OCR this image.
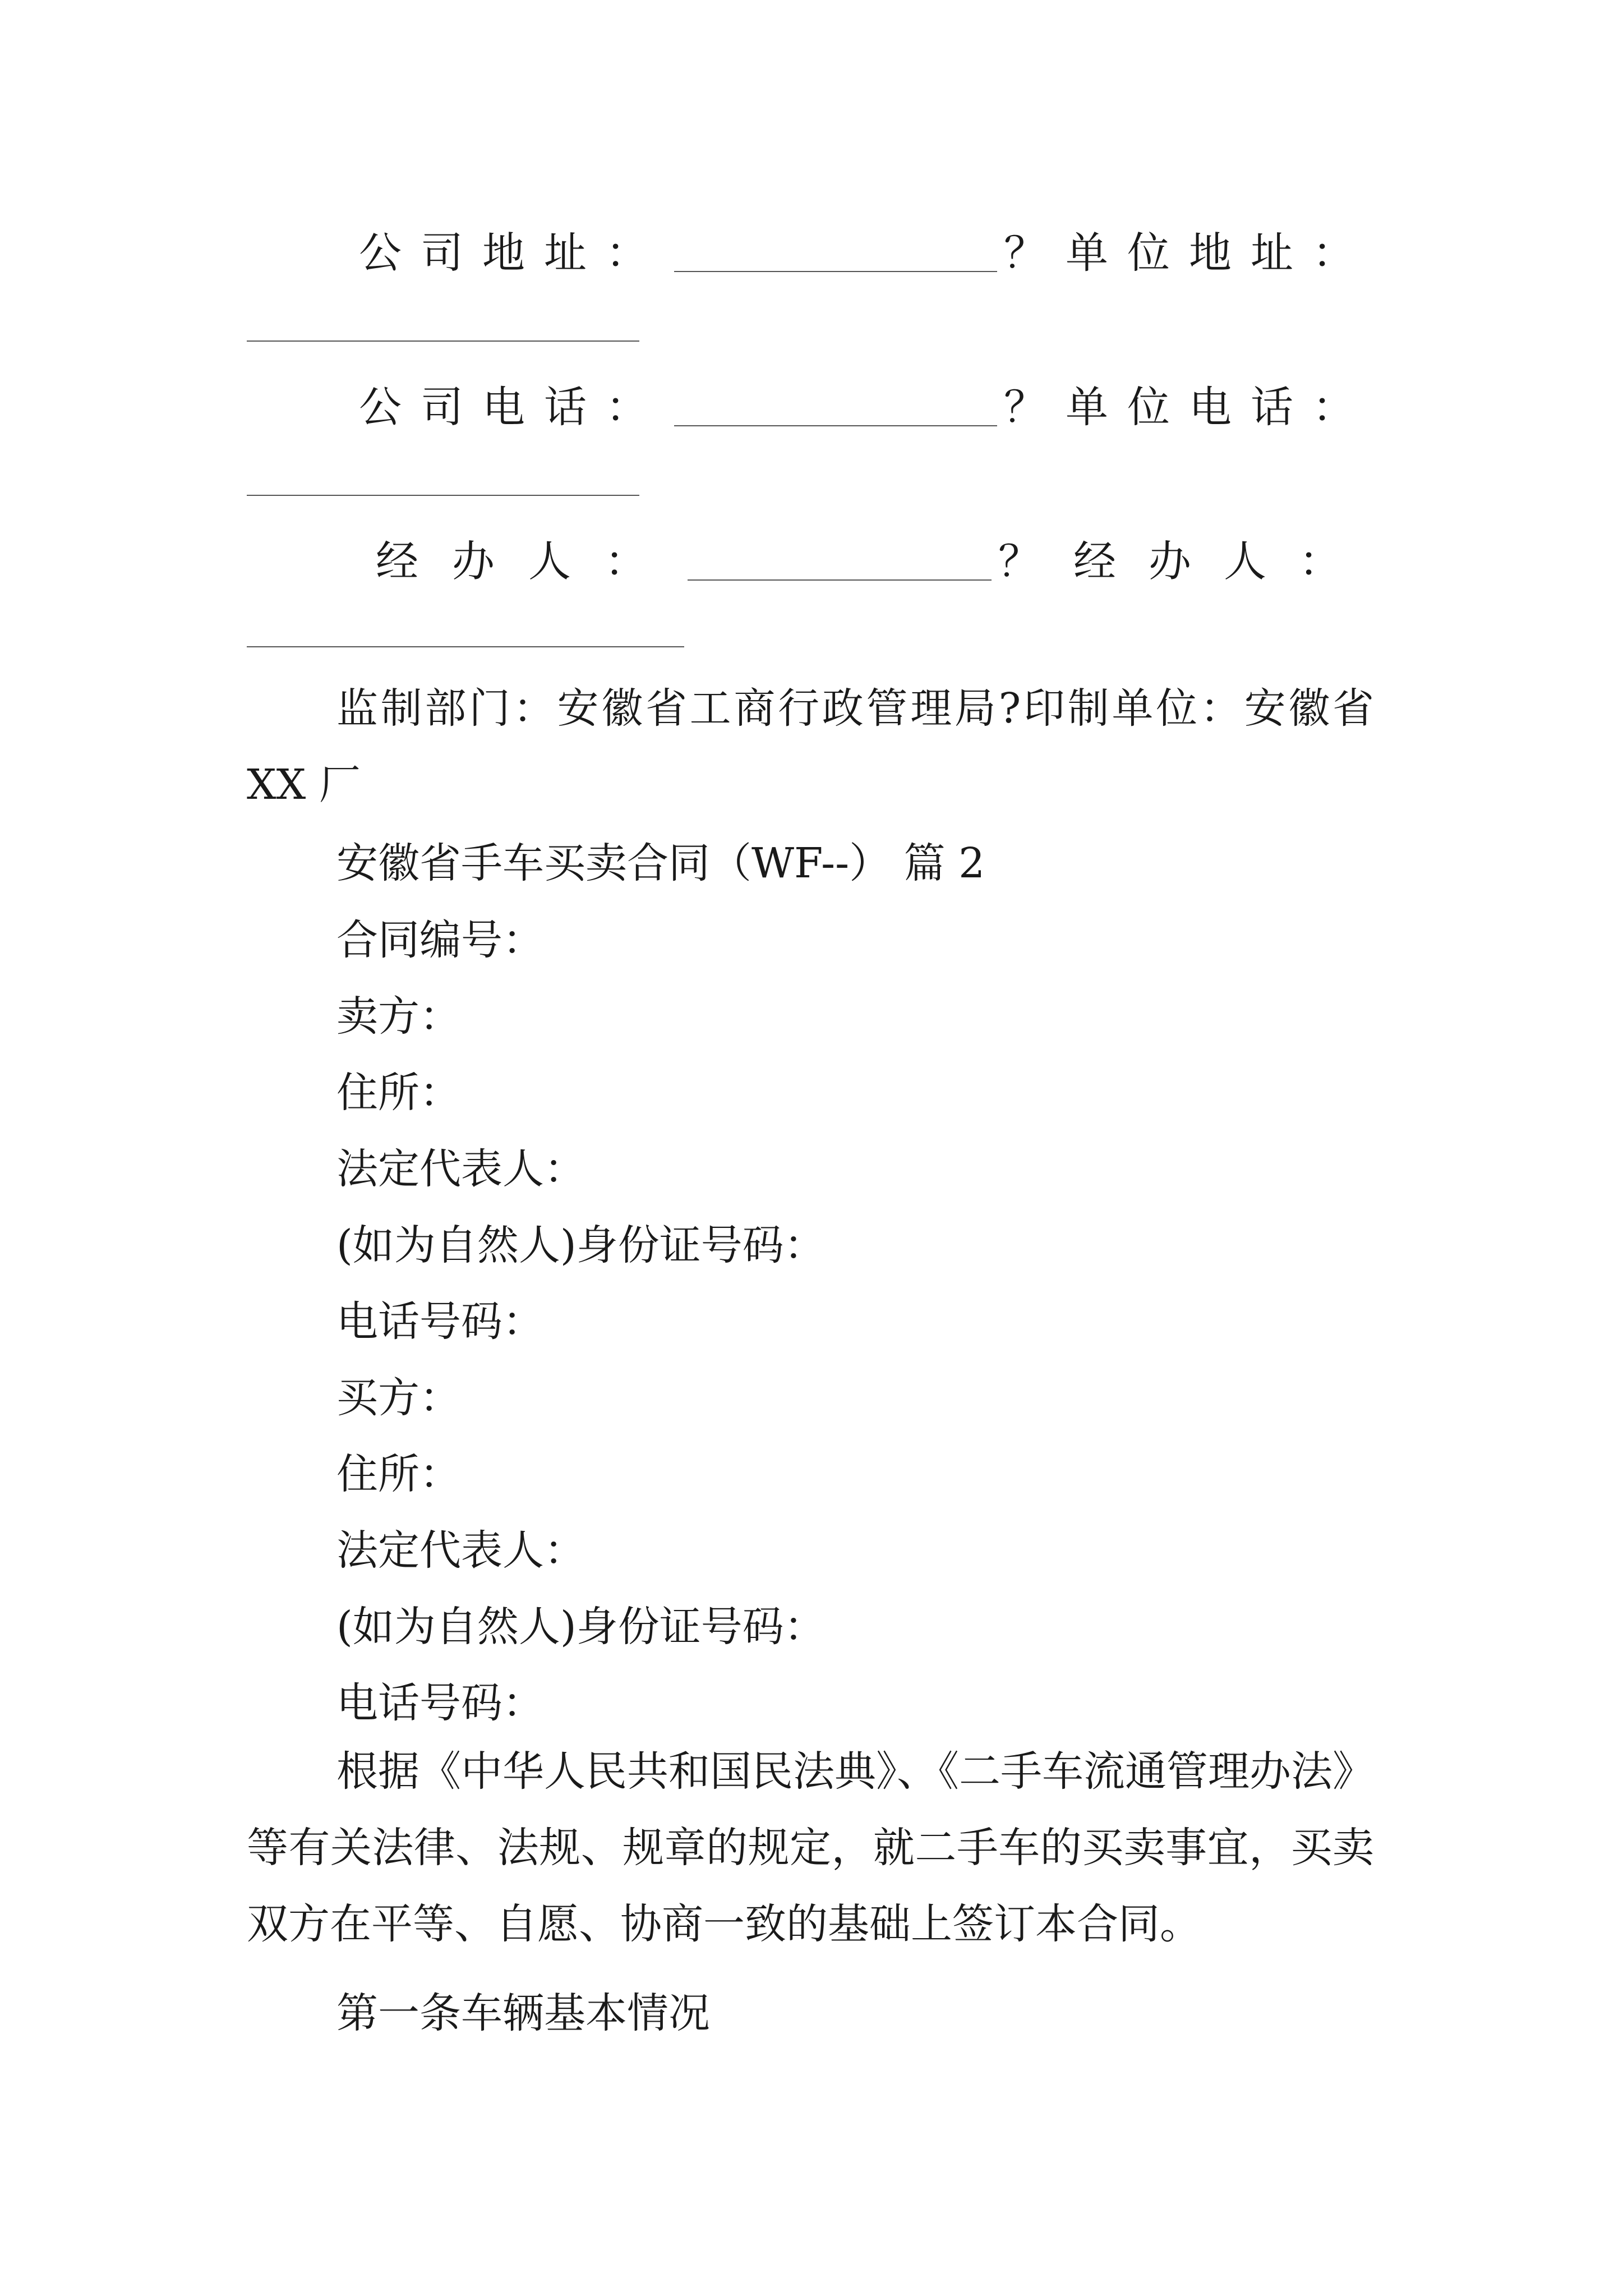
公司地址：	？单位地址：
公司电话：	？单位电话：
经办人：	？经办人：

监制部门：安徽省工商行政管理局?印制单位：安徽省 XX 厂

安徽省手车买卖合同（WF--） 篇 2

合同编号：

卖方：

住所：

法定代表人：

(如为自然人)身份证号码：

电话号码：

买方：

住所：

法定代表人：

(如为自然人)身份证号码：

电话号码：

根据《中华人民共和国民法典》、《二手车流通管理办法》等有关法律、法规、规章的规定，就二手车的买卖事宜，买卖双方在平等、自愿、协商一致的基础上签订本合同。

第一条车辆基本情况
